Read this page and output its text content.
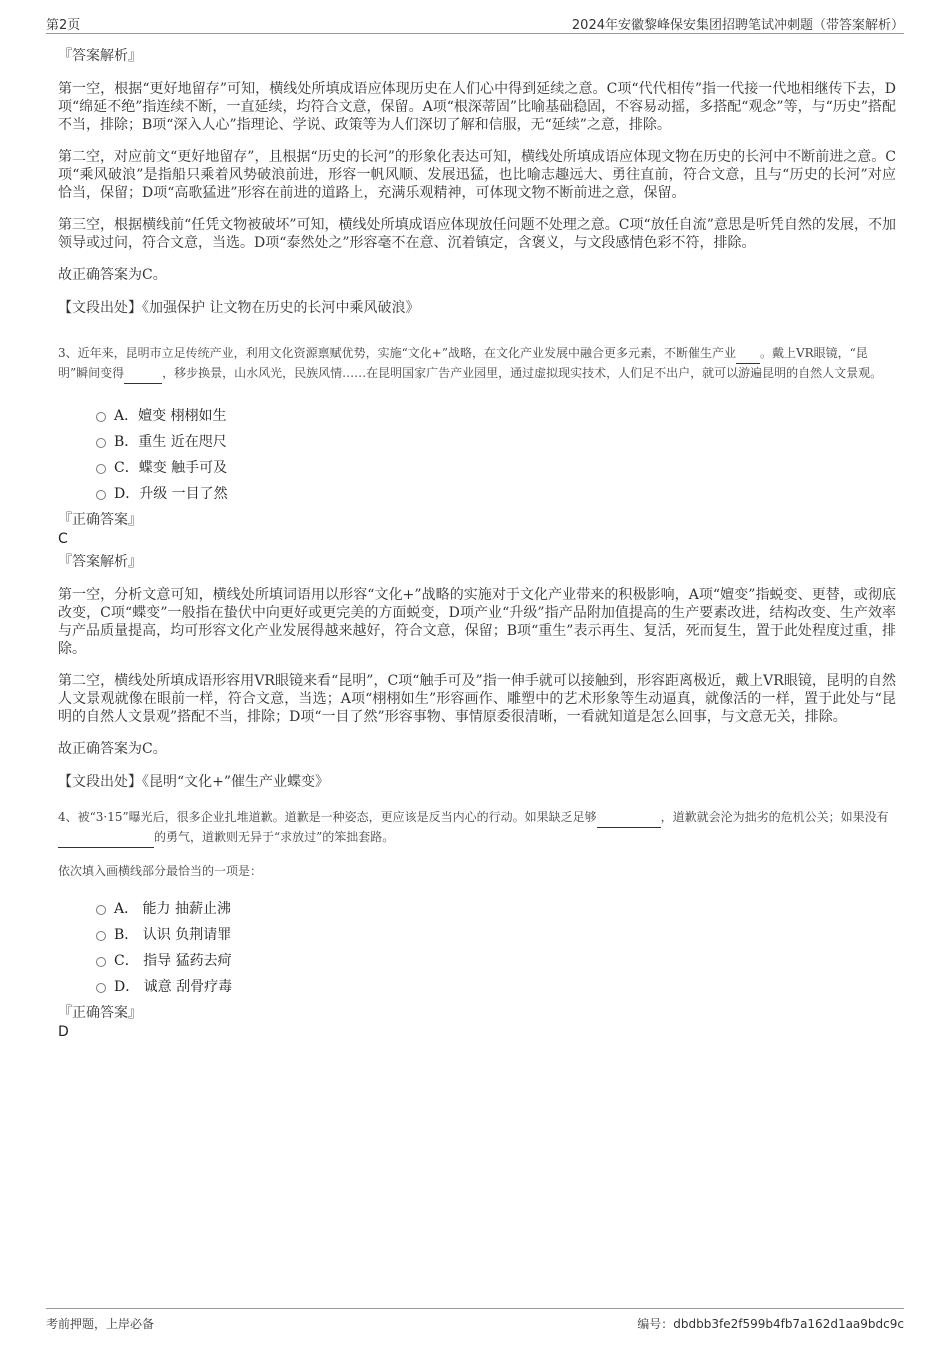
第2页	2024年安徽黎峰保安集团招聘笔试冲刺题（带答案解析）
『答案解析』
第一空，根据“更好地留存”可知，横线处所填成语应体现历史在人们心中得到延续之意。C项“代代相传”指一代接一代地相继传下去，D项“绵延不绝”指连续不断，一直延续，均符合文意，保留。A项“根深蒂固”比喻基础稳固，不容易动摇，多搭配“观念”等，与“历史”搭配不当，排除；B项“深入人心”指理论、学说、政策等为人们深切了解和信服，无“延续”之意，排除。
第二空，对应前文“更好地留存”，且根据“历史的长河”的形象化表达可知，横线处所填成语应体现文物在历史的长河中不断前进之意。C项“乘风破浪”是指船只乘着风势破浪前进，形容一帆风顺、发展迅猛，也比喻志趣远大、勇往直前，符合文意，且与“历史的长河”对应恰当，保留；D项“高歌猛进”形容在前进的道路上，充满乐观精神，可体现文物不断前进之意，保留。
第三空，根据横线前“任凭文物被破坏”可知，横线处所填成语应体现放任问题不处理之意。C项“放任自流”意思是听凭自然的发展，不加领导或过问，符合文意，当选。D项“泰然处之”形容毫不在意、沉着镇定，含褒义，与文段感情色彩不符，排除。
故正确答案为C。
【文段出处】《加强保护 让文物在历史的长河中乘风破浪》
3、近年来，昆明市立足传统产业，利用文化资源禀赋优势，实施“文化+”战略，在文化产业发展中融合更多元素，不断催生产业 。戴上VR眼镜，“昆明”瞬间变得	，移步换景，山水风光，民族风情……在昆明国家广告产业园里，通过虚拟现实技术，人们足不出户，就可以游遍昆明的自然人文景观。
A．嬗变 栩栩如生
B．重生 近在咫尺
C．蝶变 触手可及
D．升级 一目了然
『正确答案』
C
『答案解析』
第一空，分析文意可知，横线处所填词语用以形容“文化+”战略的实施对于文化产业带来的积极影响，A项“嬗变”指蜕变、更替，或彻底改变，C项“蝶变”一般指在蛰伏中向更好或更完美的方面蜕变，D项产业“升级”指产品附加值提高的生产要素改进，结构改变、生产效率与产品质量提高，均可形容文化产业发展得越来越好，符合文意，保留；B项“重生”表示再生、复活，死而复生，置于此处程度过重，排除。
第二空，横线处所填成语形容用VR眼镜来看“昆明”，C项“触手可及”指一伸手就可以接触到，形容距离极近，戴上VR眼镜，昆明的自然人文景观就像在眼前一样，符合文意，当选；A项“栩栩如生”形容画作、雕塑中的艺术形象等生动逼真，就像活的一样，置于此处与“昆明的自然人文景观”搭配不当，排除；D项“一目了然”形容事物、事情原委很清晰，一看就知道是怎么回事，与文意无关，排除。
故正确答案为C。
【文段出处】《昆明“文化+”催生产业蝶变》
4、被“3·15”曝光后，很多企业扎堆道歉。道歉是一种姿态，更应该是反当内心的行动。如果缺乏足够	，道歉就会沦为拙劣的危机公关；如果没有 的勇气，道歉则无异于“求放过”的笨拙套路。
依次填入画横线部分最恰当的一项是：
A． 能力 抽薪止沸
B． 认识 负荆请罪
C． 指导 猛药去疴
D． 诚意 刮骨疗毒
『正确答案』
D
考前押题，上岸必备	编号：dbdbb3fe2f599b4fb7a162d1aa9bdc9c
